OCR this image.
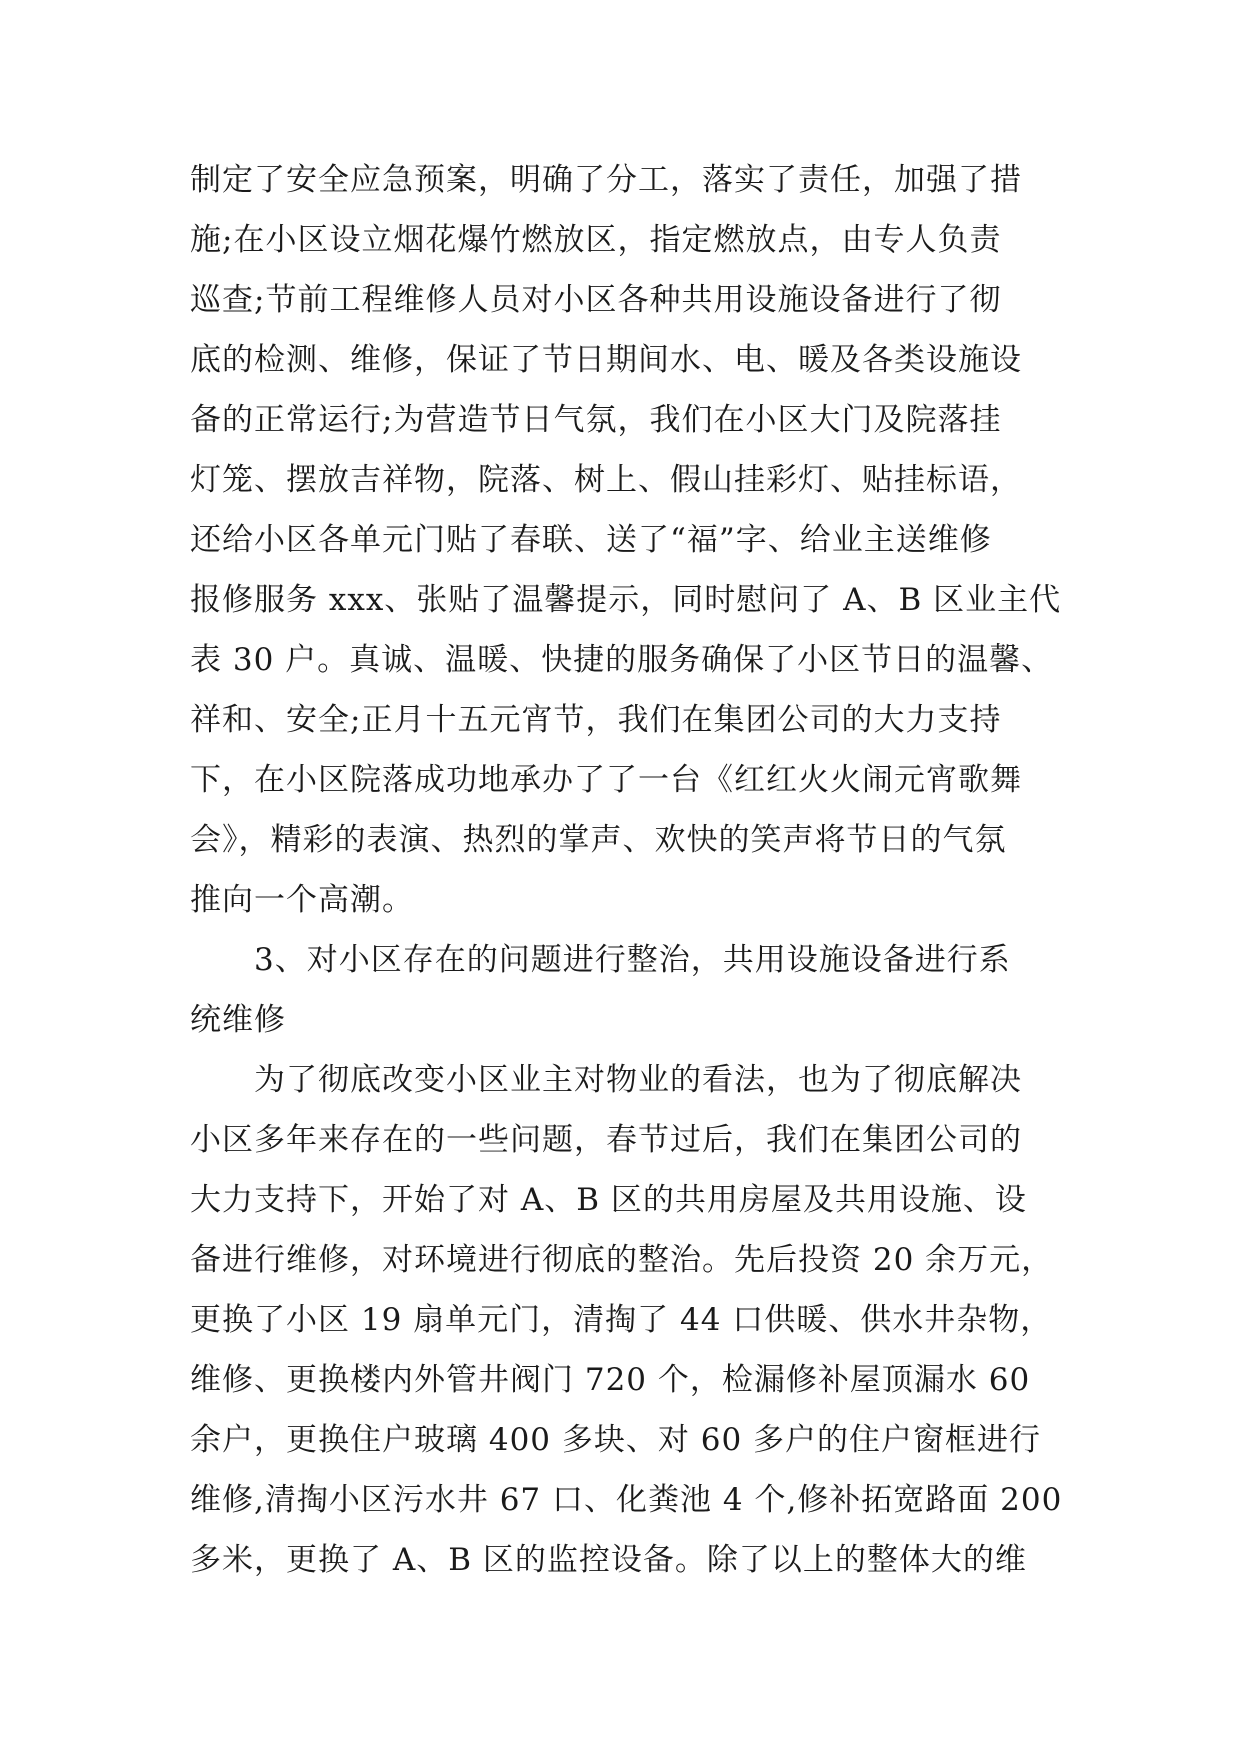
制定了安全应急预案，明确了分工，落实了责任，加强了措
施;在小区设立烟花爆竹燃放区，指定燃放点，由专人负责
巡查;节前工程维修人员对小区各种共用设施设备进行了彻
底的检测、维修，保证了节日期间水、电、暖及各类设施设
备的正常运行;为营造节日气氛，我们在小区大门及院落挂
灯笼、摆放吉祥物，院落、树上、假山挂彩灯、贴挂标语，
还给小区各单元门贴了春联、送了“福”字、给业主送维修
报修服务 xxx、张贴了温馨提示，同时慰问了 A、B 区业主代
表 30 户。真诚、温暖、快捷的服务确保了小区节日的温馨、
祥和、安全;正月十五元宵节，我们在集团公司的大力支持
下，在小区院落成功地承办了了一台《红红火火闹元宵歌舞
会》，精彩的表演、热烈的掌声、欢快的笑声将节日的气氛
推向一个高潮。
3、对小区存在的问题进行整治，共用设施设备进行系
统维修
为了彻底改变小区业主对物业的看法，也为了彻底解决
小区多年来存在的一些问题，春节过后，我们在集团公司的
大力支持下，开始了对 A、B 区的共用房屋及共用设施、设
备进行维修，对环境进行彻底的整治。先后投资 20 余万元，
更换了小区 19 扇单元门，清掏了 44 口供暖、供水井杂物，
维修、更换楼内外管井阀门 720 个，检漏修补屋顶漏水 60
余户，更换住户玻璃 400 多块、对 60 多户的住户窗框进行
维修,清掏小区污水井 67 口、化粪池 4 个,修补拓宽路面 200
多米，更换了 A、B 区的监控设备。除了以上的整体大的维
